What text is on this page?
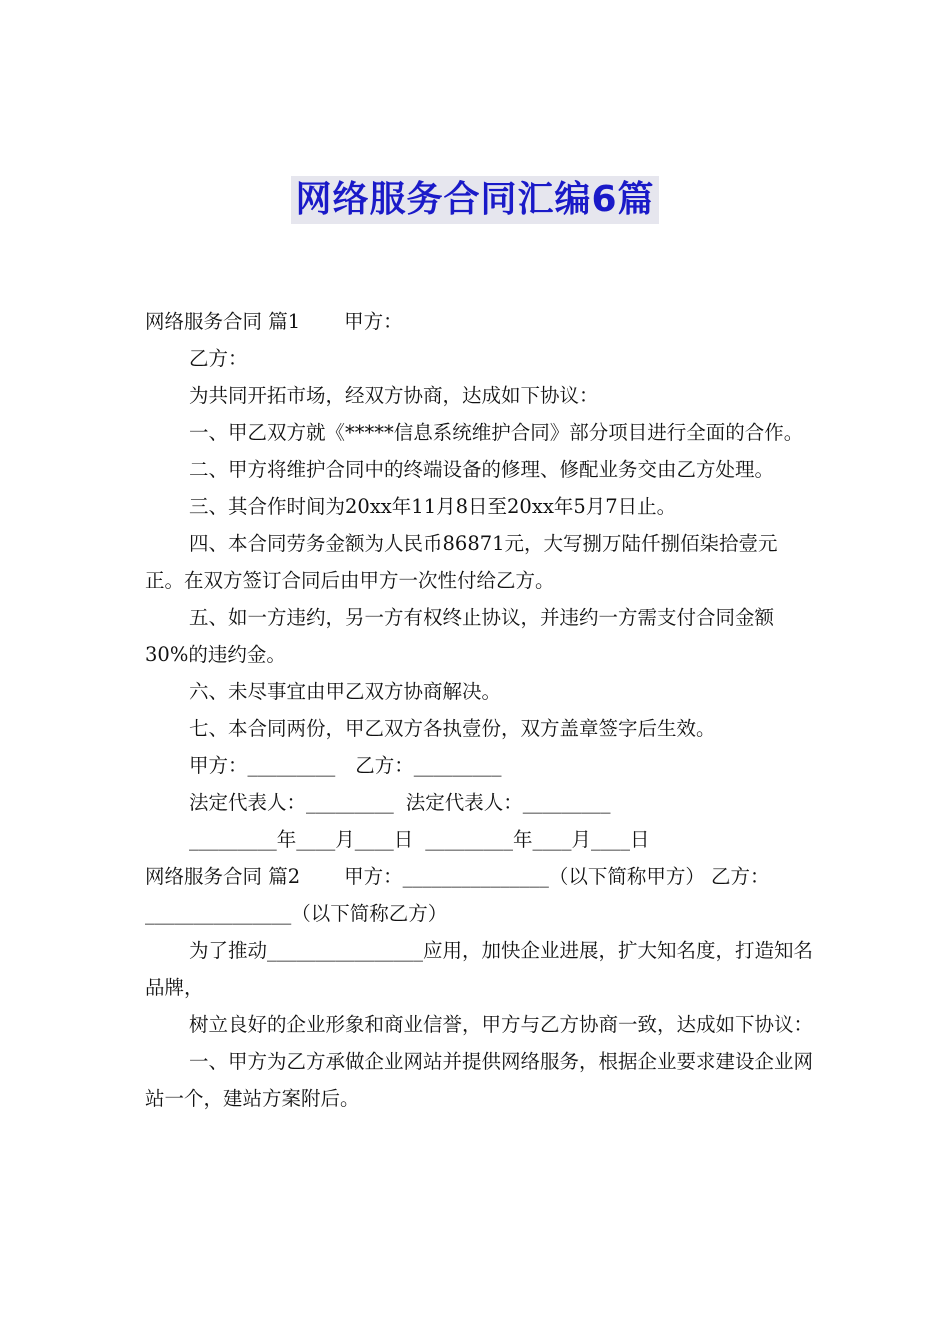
网络服务合同汇编6篇

网络服务合同 篇1 甲方：

乙方：

为共同开拓市场，经双方协商，达成如下协议：

一、甲乙双方就《*****信息系统维护合同》部分项目进行全面的合作。

二、甲方将维护合同中的终端设备的修理、修配业务交由乙方处理。

三、其合作时间为20xx年11月8日至20xx年5月7日止。

四、本合同劳务金额为人民币86871元，大写捌万陆仟捌佰柒拾壹元正。在双方签订合同后由甲方一次性付给乙方。

五、如一方违约，另一方有权终止协议，并违约一方需支付合同金额30%的违约金。

六、未尽事宜由甲乙双方协商解决。

七、本合同两份，甲乙双方各执壹份，双方盖章签字后生效。

甲方：_________ 乙方：_________

法定代表人：_________ 法定代表人：_________

_________年____月____日 _________年____月____日

网络服务合同 篇2 甲方：_______________（以下简称甲方） 乙方：_______________（以下简称乙方）

为了推动________________应用，加快企业进展，扩大知名度，打造知名品牌，

树立良好的企业形象和商业信誉，甲方与乙方协商一致，达成如下协议：

一、甲方为乙方承做企业网站并提供网络服务，根据企业要求建设企业网站一个，建站方案附后。
